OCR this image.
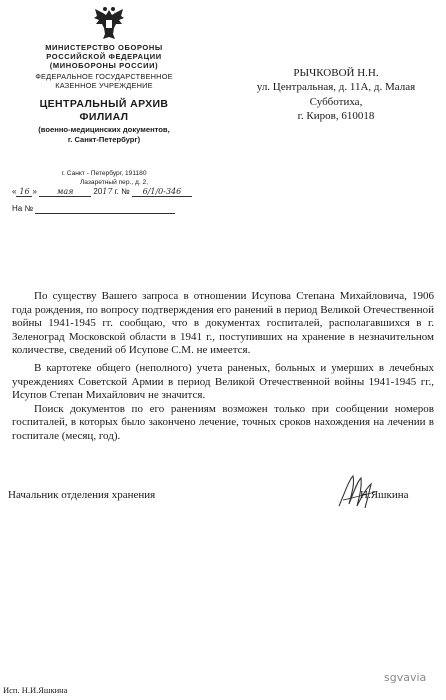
МИНИСТЕРСТВО ОБОРОНЫ
РОССИЙСКОЙ ФЕДЕРАЦИИ
(МИНОБОРОНЫ РОССИИ)
ФЕДЕРАЛЬНОЕ ГОСУДАРСТВЕННОЕ
КАЗЕННОЕ УЧРЕЖДЕНИЕ
ЦЕНТРАЛЬНЫЙ АРХИВ
ФИЛИАЛ
(военно-медицинских документов,
г. Санкт-Петербург)
г. Санкт - Петербург, 191180
Лазаретный пер., д. 2,
« 16 » мая 2017 г. № 6/1/0-346
На №
РЫЧКОВОЙ Н.Н.
ул. Центральная, д. 11А, д. Малая Субботиха,
г. Киров, 610018

По существу Вашего запроса в отношении Исупова Степана Михайловича, 1906 года рождения, по вопросу подтверждения его ранений в период Великой Отечественной войны 1941-1945 гг. сообщаю, что в документах госпиталей, располагавшихся в г. Зеленоград Московской области в 1941 г., поступивших на хранение в незначительном количестве, сведений об Исупове С.М. не имеется.

В картотеке общего (неполного) учета раненых, больных и умерших в лечебных учреждениях Советской Армии в период Великой Отечественной войны 1941-1945 гг., Исупов Степан Михайлович не значится.

Поиск документов по его ранениям возможен только при сообщении номеров госпиталей, в которых было закончено лечение, точных сроков нахождения на лечении в госпитале (месяц, год).

Начальник отделения хранения	Н.Яшкина
Исп. Н.И.Яшкина
sgvavia
